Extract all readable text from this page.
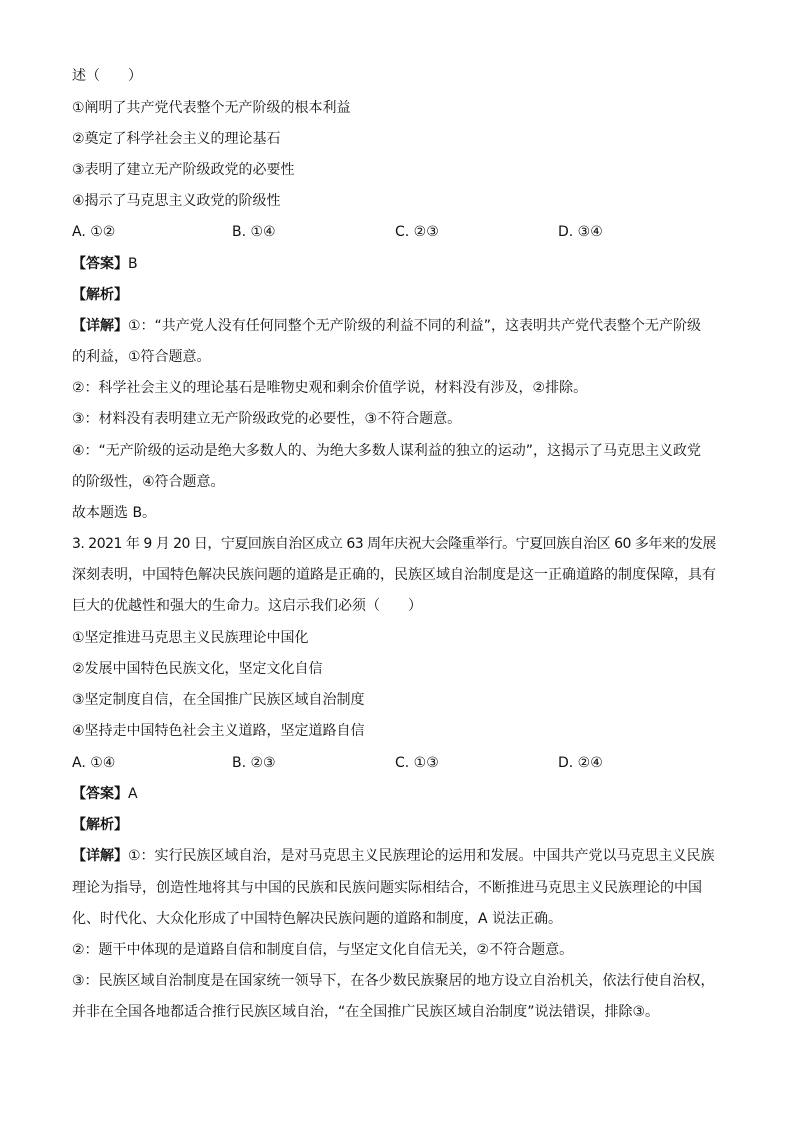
述（　　）
①阐明了共产党代表整个无产阶级的根本利益
②奠定了科学社会主义的理论基石
③表明了建立无产阶级政党的必要性
④揭示了马克思主义政党的阶级性
A. ①②	B. ①④	C. ②③	D. ③④
【答案】B
【解析】
【详解】①：“共产党人没有任何同整个无产阶级的利益不同的利益”，这表明共产党代表整个无产阶级
的利益，①符合题意。
②：科学社会主义的理论基石是唯物史观和剩余价值学说，材料没有涉及，②排除。
③：材料没有表明建立无产阶级政党的必要性，③不符合题意。
④：“无产阶级的运动是绝大多数人的、为绝大多数人谋利益的独立的运动”，这揭示了马克思主义政党
的阶级性，④符合题意。
故本题选 B。
3. 2021 年 9 月 20 日，宁夏回族自治区成立 63 周年庆祝大会隆重举行。宁夏回族自治区 60 多年来的发展
深刻表明，中国特色解决民族问题的道路是正确的，民族区域自治制度是这一正确道路的制度保障，具有
巨大的优越性和强大的生命力。这启示我们必须（　　）
①坚定推进马克思主义民族理论中国化
②发展中国特色民族文化，坚定文化自信
③坚定制度自信，在全国推广民族区域自治制度
④坚持走中国特色社会主义道路，坚定道路自信
A. ①④	B. ②③	C. ①③	D. ②④
【答案】A
【解析】
【详解】①：实行民族区域自治，是对马克思主义民族理论的运用和发展。中国共产党以马克思主义民族
理论为指导，创造性地将其与中国的民族和民族问题实际相结合，不断推进马克思主义民族理论的中国
化、时代化、大众化形成了中国特色解决民族问题的道路和制度，A 说法正确。
②：题干中体现的是道路自信和制度自信，与坚定文化自信无关，②不符合题意。
③：民族区域自治制度是在国家统一领导下，在各少数民族聚居的地方设立自治机关，依法行使自治权，
并非在全国各地都适合推行民族区域自治，“在全国推广民族区域自治制度”说法错误，排除③。
